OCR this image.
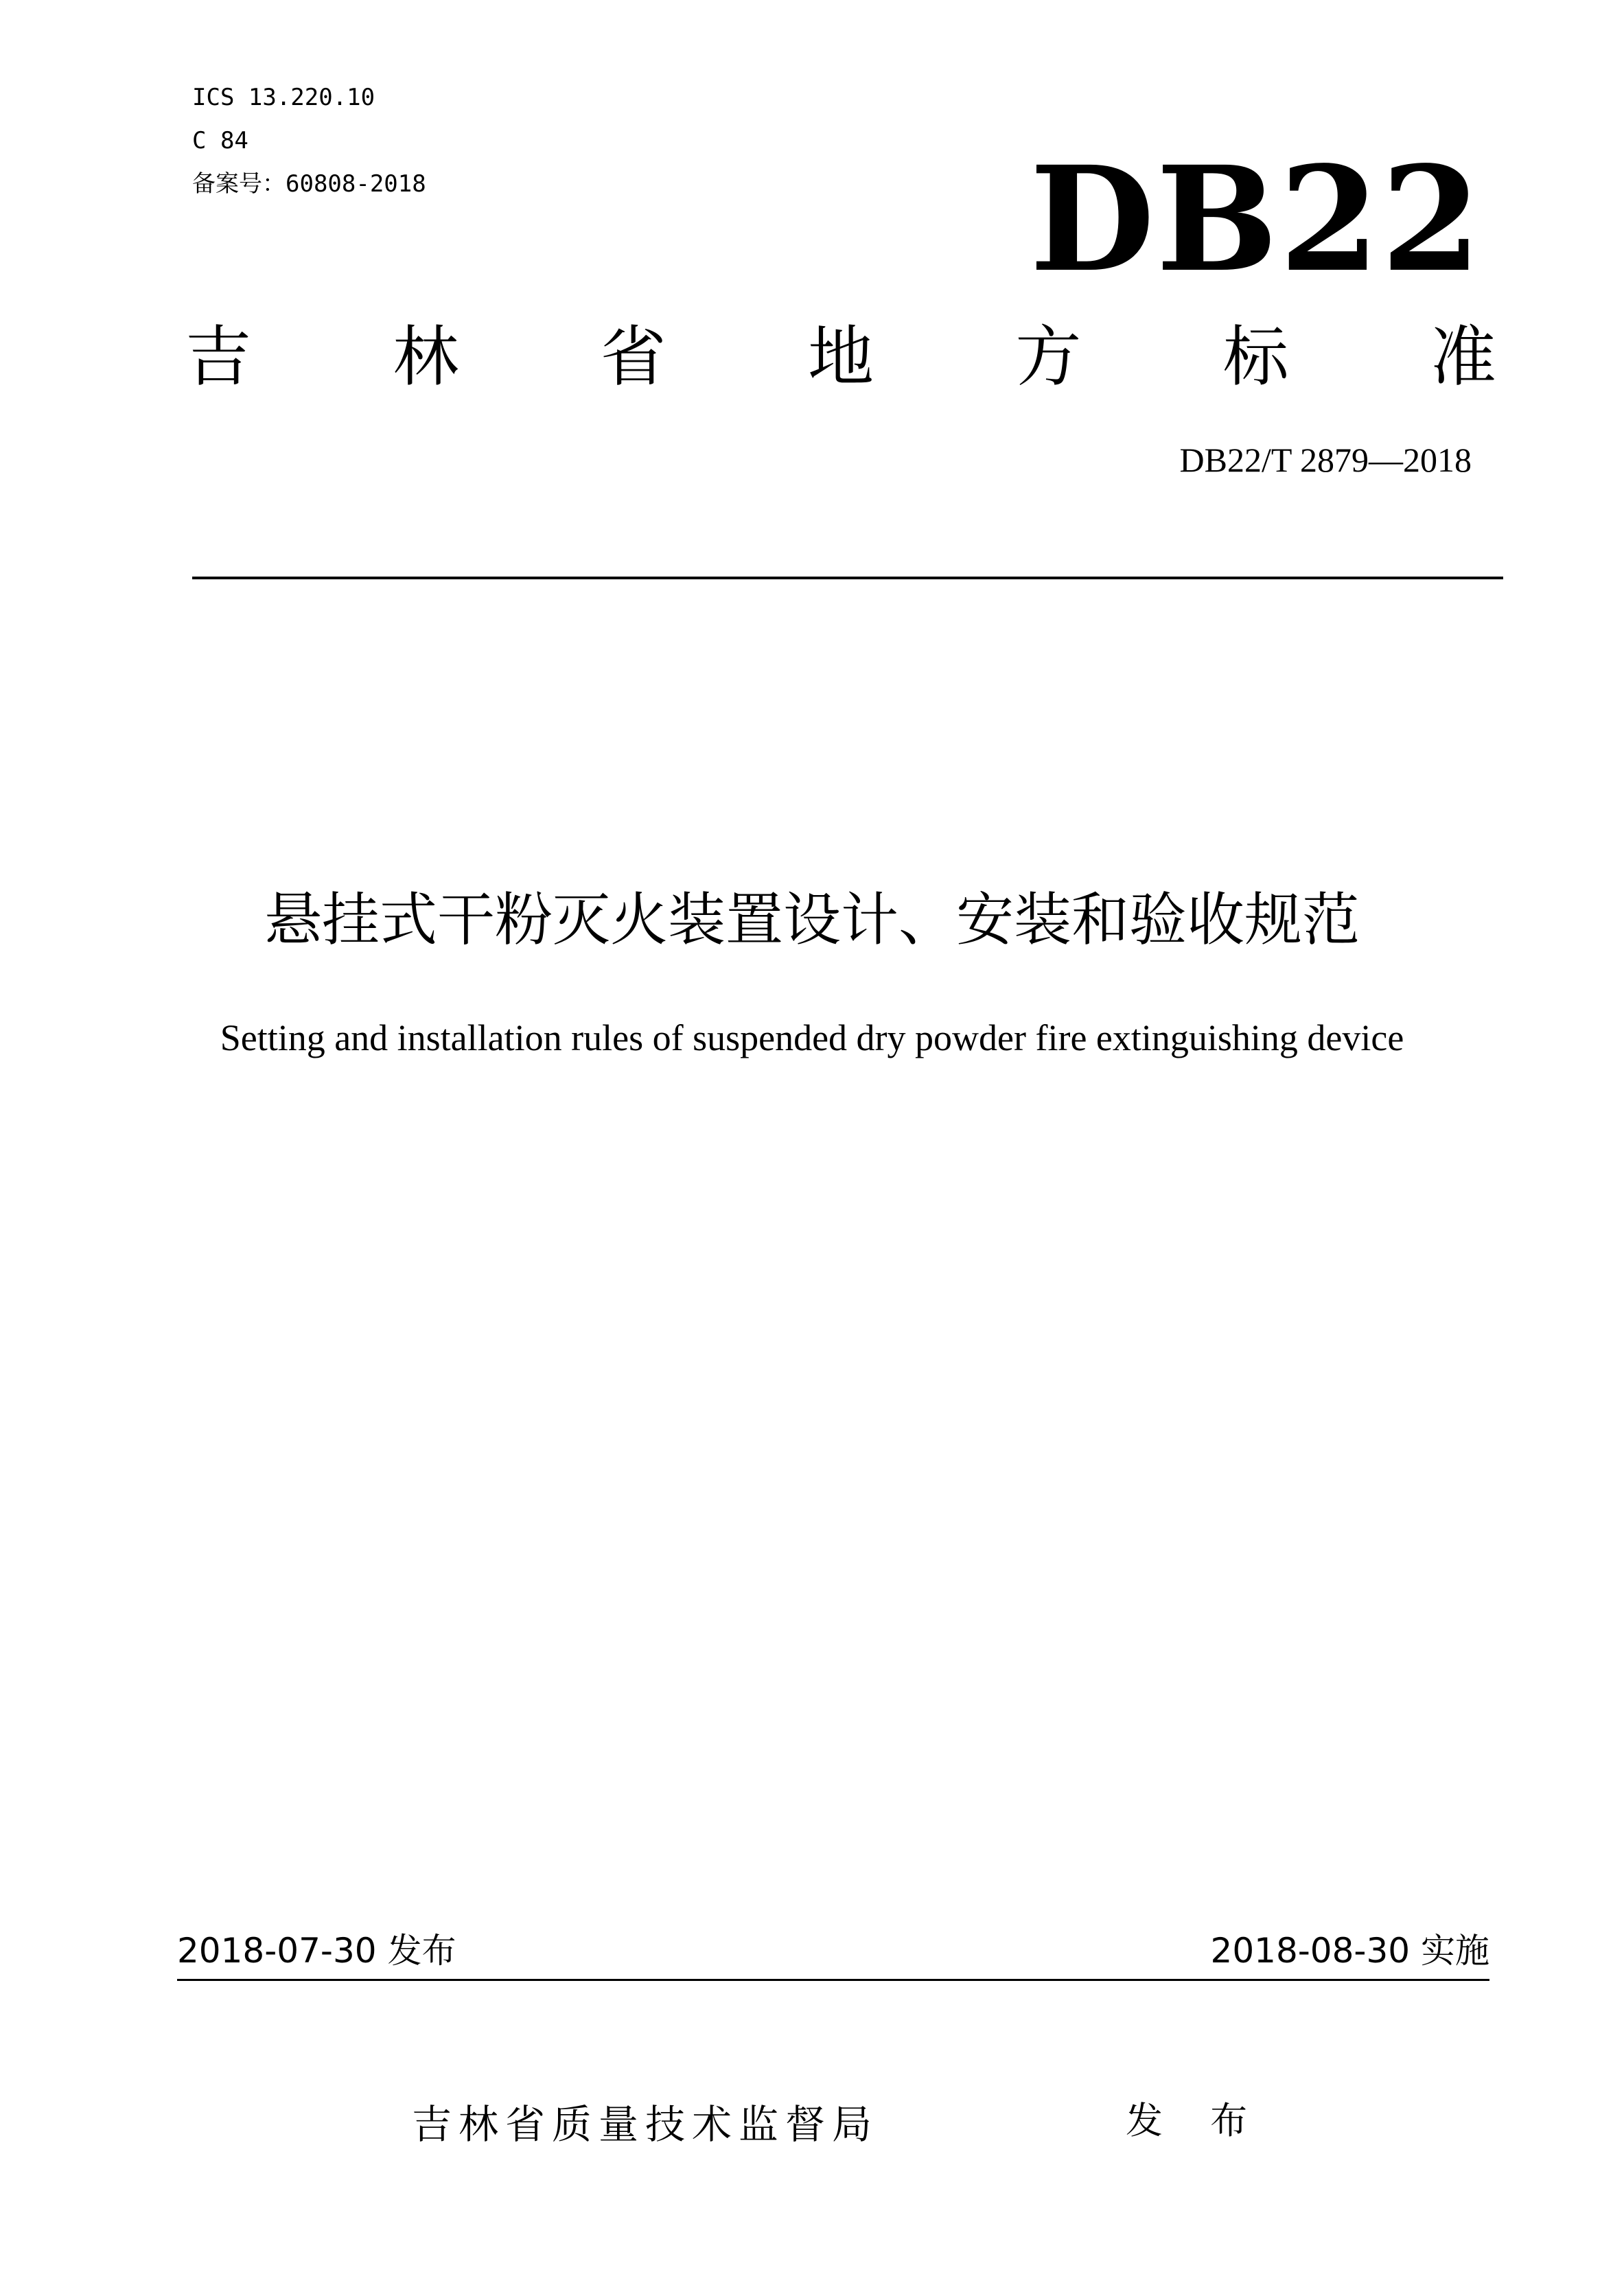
ICS 13.220.10
C 84
备案号：60808-2018	DB22
吉 林 省 地 方 标 准
DB22/T 2879—2018
悬挂式干粉灭火装置设计、安装和验收规范
Setting and installation rules of suspended dry powder fire extinguishing device
2018-07-30 发布	2018-08-30 实施
吉林省质量技术监督局	发 布
